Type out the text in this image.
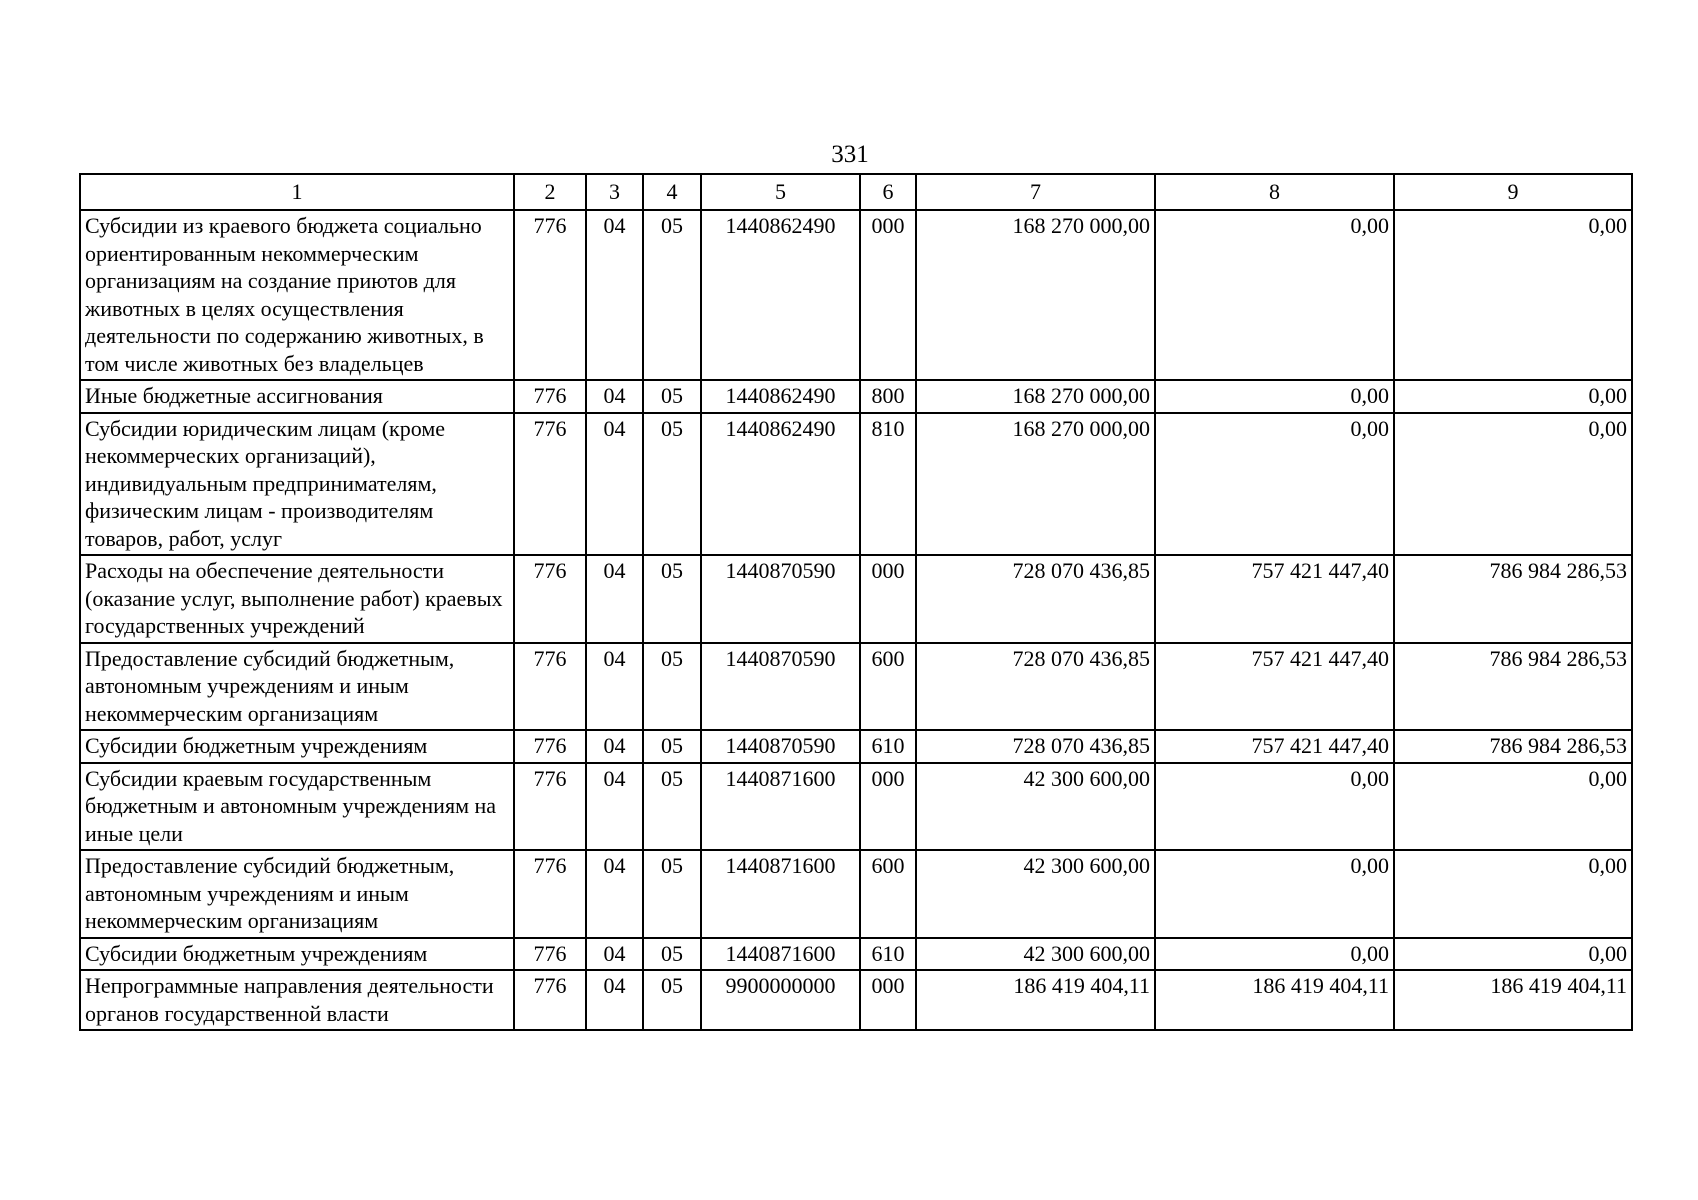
331
1	2	3	4	5	6	7	8	9
Субсидии из краевого бюджета социально ориентированным некоммерческим организациям на создание приютов для животных в целях осуществления деятельности по содержанию животных, в том числе животных без владельцев	776	04	05	1440862490	000	168 270 000,00	0,00	0,00
Иные бюджетные ассигнования	776	04	05	1440862490	800	168 270 000,00	0,00	0,00
Субсидии юридическим лицам (кроме некоммерческих организаций), индивидуальным предпринимателям, физическим лицам - производителям товаров, работ, услуг	776	04	05	1440862490	810	168 270 000,00	0,00	0,00
Расходы на обеспечение деятельности (оказание услуг, выполнение работ) краевых государственных учреждений	776	04	05	1440870590	000	728 070 436,85	757 421 447,40	786 984 286,53
Предоставление субсидий бюджетным, автономным учреждениям и иным некоммерческим организациям	776	04	05	1440870590	600	728 070 436,85	757 421 447,40	786 984 286,53
Субсидии бюджетным учреждениям	776	04	05	1440870590	610	728 070 436,85	757 421 447,40	786 984 286,53
Субсидии краевым государственным бюджетным и автономным учреждениям на иные цели	776	04	05	1440871600	000	42 300 600,00	0,00	0,00
Предоставление субсидий бюджетным, автономным учреждениям и иным некоммерческим организациям	776	04	05	1440871600	600	42 300 600,00	0,00	0,00
Субсидии бюджетным учреждениям	776	04	05	1440871600	610	42 300 600,00	0,00	0,00
Непрограммные направления деятельности органов государственной власти	776	04	05	9900000000	000	186 419 404,11	186 419 404,11	186 419 404,11
